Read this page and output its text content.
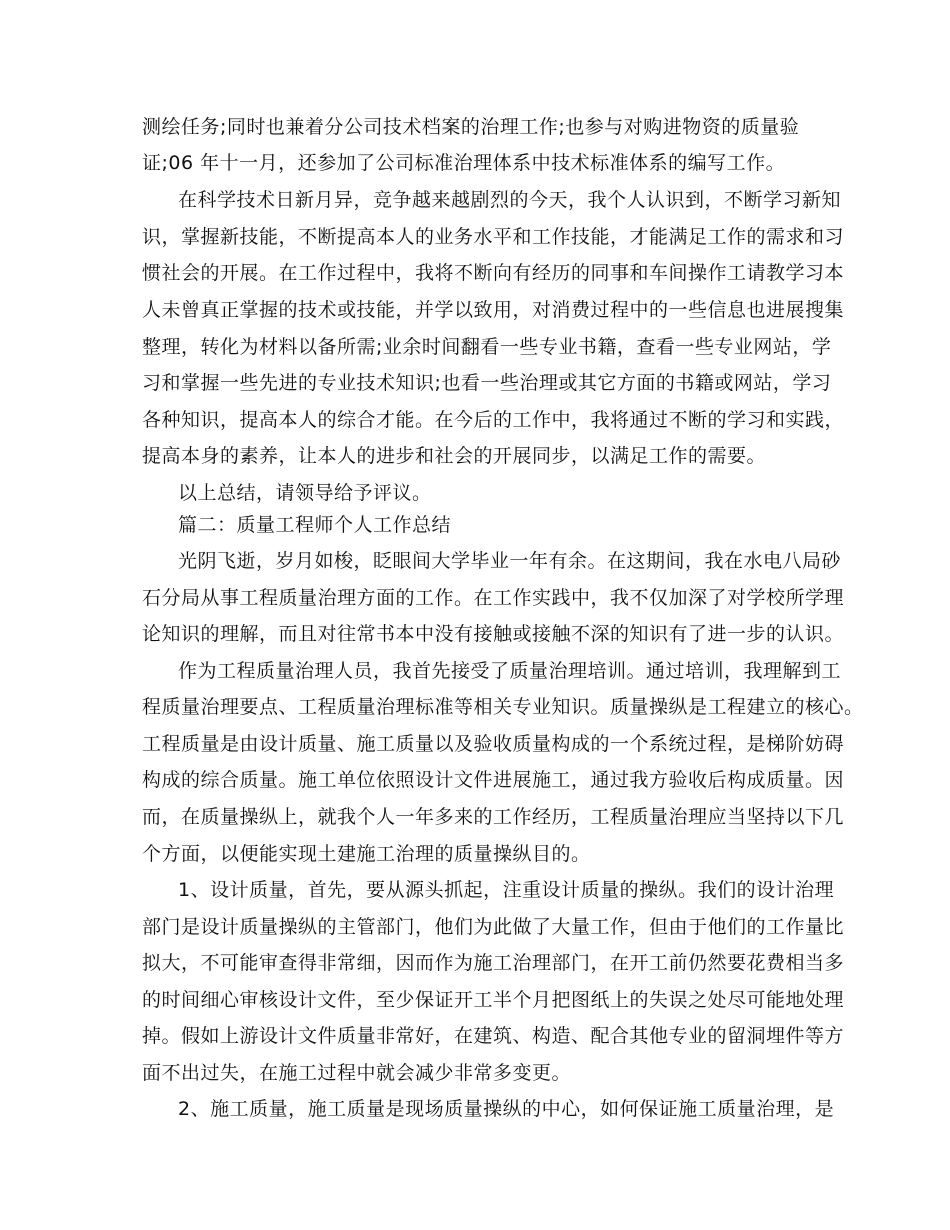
测绘任务;同时也兼着分公司技术档案的治理工作;也参与对购进物资的质量验
证;06 年十一月，还参加了公司标准治理体系中技术标准体系的编写工作。
在科学技术日新月异，竞争越来越剧烈的今天，我个人认识到，不断学习新知
识，掌握新技能，不断提高本人的业务水平和工作技能，才能满足工作的需求和习
惯社会的开展。在工作过程中，我将不断向有经历的同事和车间操作工请教学习本
人未曾真正掌握的技术或技能，并学以致用，对消费过程中的一些信息也进展搜集
整理，转化为材料以备所需;业余时间翻看一些专业书籍，查看一些专业网站，学
习和掌握一些先进的专业技术知识;也看一些治理或其它方面的书籍或网站，学习
各种知识，提高本人的综合才能。在今后的工作中，我将通过不断的学习和实践，
提高本身的素养，让本人的进步和社会的开展同步，以满足工作的需要。
以上总结，请领导给予评议。
篇二：质量工程师个人工作总结
光阴飞逝，岁月如梭，眨眼间大学毕业一年有余。在这期间，我在水电八局砂
石分局从事工程质量治理方面的工作。在工作实践中，我不仅加深了对学校所学理
论知识的理解，而且对往常书本中没有接触或接触不深的知识有了进一步的认识。
作为工程质量治理人员，我首先接受了质量治理培训。通过培训，我理解到工
程质量治理要点、工程质量治理标准等相关专业知识。质量操纵是工程建立的核心。
工程质量是由设计质量、施工质量以及验收质量构成的一个系统过程，是梯阶妨碍
构成的综合质量。施工单位依照设计文件进展施工，通过我方验收后构成质量。因
而，在质量操纵上，就我个人一年多来的工作经历，工程质量治理应当坚持以下几
个方面，以便能实现土建施工治理的质量操纵目的。
1、设计质量，首先，要从源头抓起，注重设计质量的操纵。我们的设计治理
部门是设计质量操纵的主管部门，他们为此做了大量工作，但由于他们的工作量比
拟大，不可能审查得非常细，因而作为施工治理部门，在开工前仍然要花费相当多
的时间细心审核设计文件，至少保证开工半个月把图纸上的失误之处尽可能地处理
掉。假如上游设计文件质量非常好，在建筑、构造、配合其他专业的留洞埋件等方
面不出过失，在施工过程中就会减少非常多变更。
2、施工质量，施工质量是现场质量操纵的中心，如何保证施工质量治理，是
